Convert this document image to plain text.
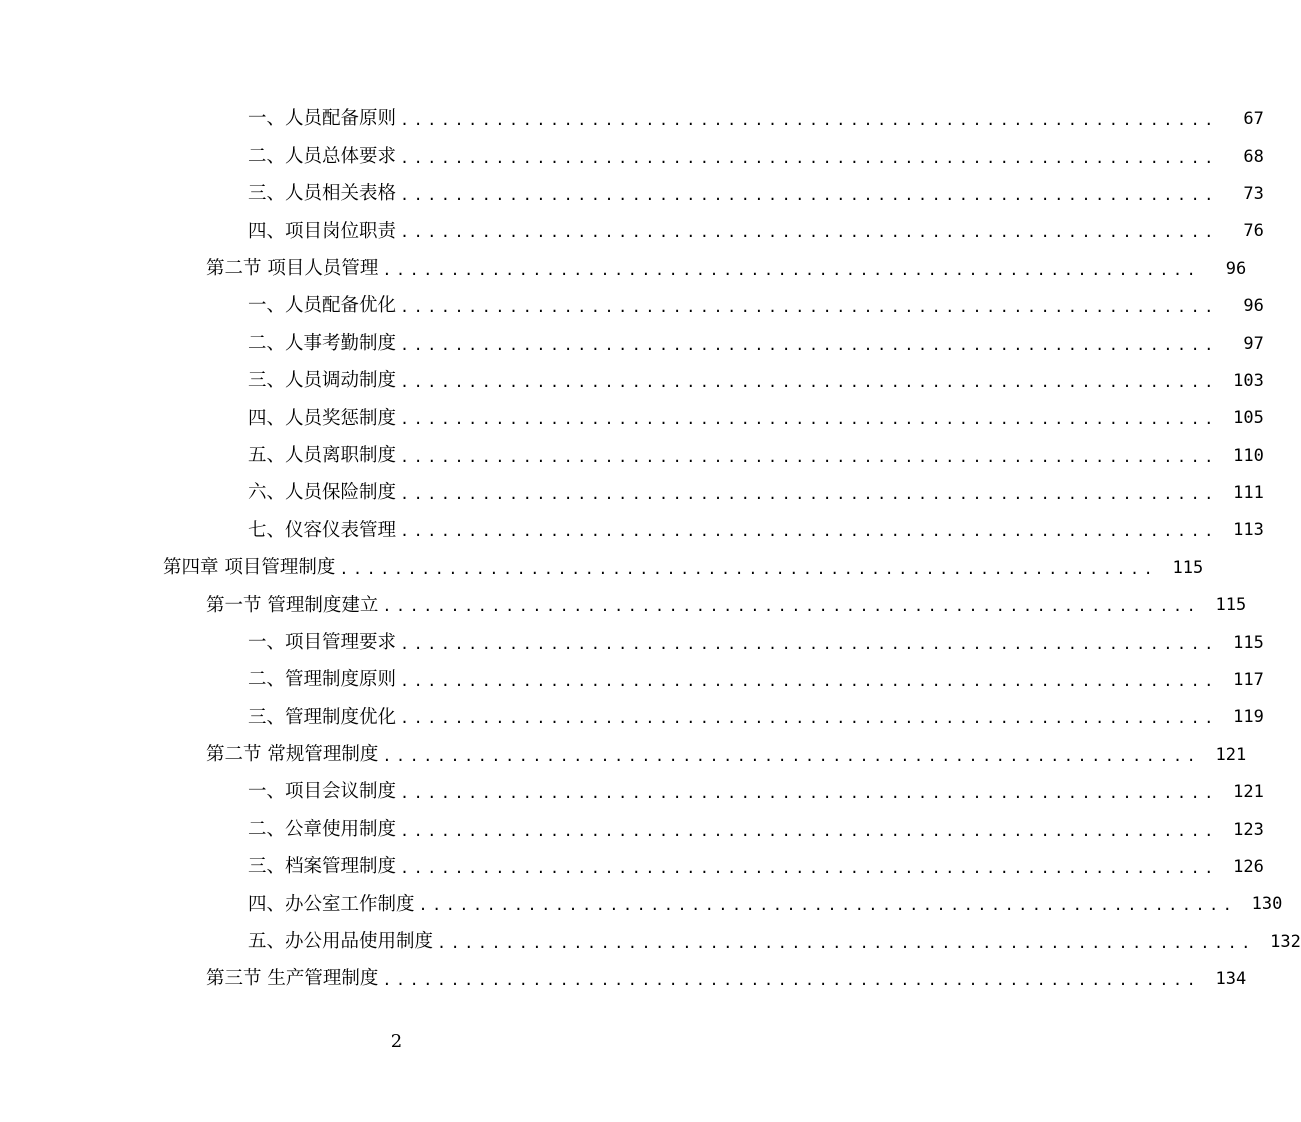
一、人员配备原则 ............................................................	67
二、人员总体要求 ............................................................	68
三、人员相关表格 ............................................................	73
四、项目岗位职责 ............................................................	76
第二节 项目人员管理 ............................................................	96
一、人员配备优化 ............................................................	96
二、人事考勤制度 ............................................................	97
三、人员调动制度 ............................................................ 103
四、人员奖惩制度 ............................................................ 105
五、人员离职制度 ............................................................ 110
六、人员保险制度 ............................................................ 111
七、仪容仪表管理 ............................................................ 113
第四章 项目管理制度 ............................................................ 115
第一节 管理制度建立 ............................................................ 115
一、项目管理要求 ............................................................ 115
二、管理制度原则 ............................................................ 117
三、管理制度优化 ............................................................ 119
第二节 常规管理制度 ............................................................ 121
一、项目会议制度 ............................................................ 121
二、公章使用制度 ............................................................ 123
三、档案管理制度 ............................................................ 126
四、办公室工作制度 ............................................................ 130
五、办公用品使用制度 ............................................................ 132
第三节 生产管理制度 ............................................................ 134
2
